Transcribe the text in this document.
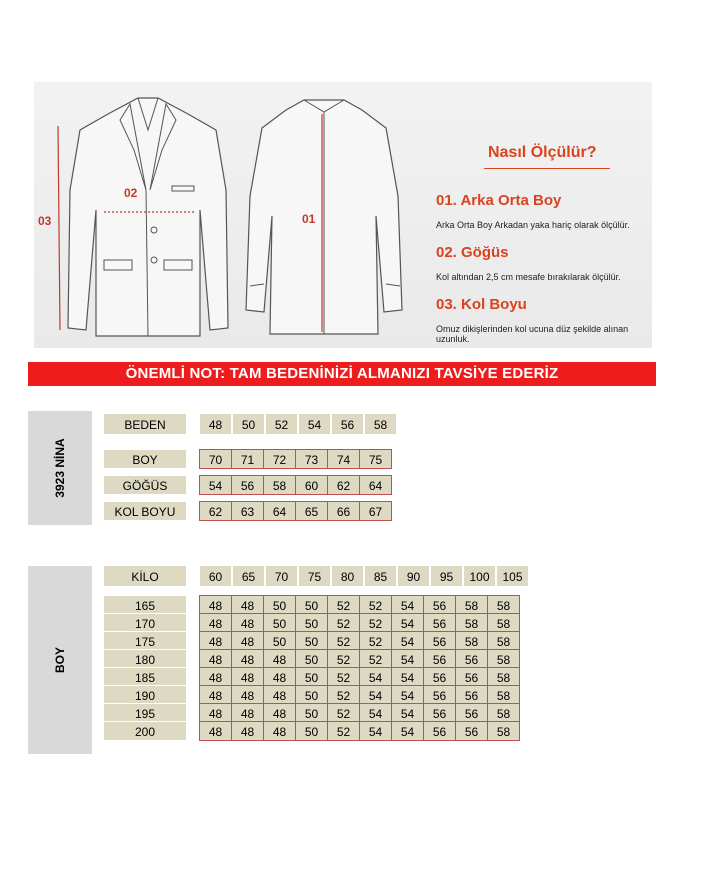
03
02
01
Nasıl Ölçülür?
01. Arka Orta Boy
Arka Orta Boy Arkadan yaka hariç olarak ölçülür.
02. Göğüs
Kol altından 2,5 cm mesafe bırakılarak ölçülür.
03. Kol Boyu
Omuz dikişlerinden kol ucuna düz şekilde alınan uzunluk.
ÖNEMLİ NOT: TAM BEDENİNİZİ ALMANIZI TAVSİYE EDERİZ
3923 NİNA
BEDEN	48	50	52	54	56	58
BOY	70	71	72	73	74	75
GÖĞÜS	54	56	58	60	62	64
KOL BOYU	62	63	64	65	66	67
BOY
KİLO	60	65	70	75	80	85	90	95	100	105
165	48	48	50	50	52	52	54	56	58	58
170	48	48	50	50	52	52	54	56	58	58
175	48	48	50	50	52	52	54	56	58	58
180	48	48	48	50	52	52	54	56	56	58
185	48	48	48	50	52	54	54	56	56	58
190	48	48	48	50	52	54	54	56	56	58
195	48	48	48	50	52	54	54	56	56	58
200	48	48	48	50	52	54	54	56	56	58
